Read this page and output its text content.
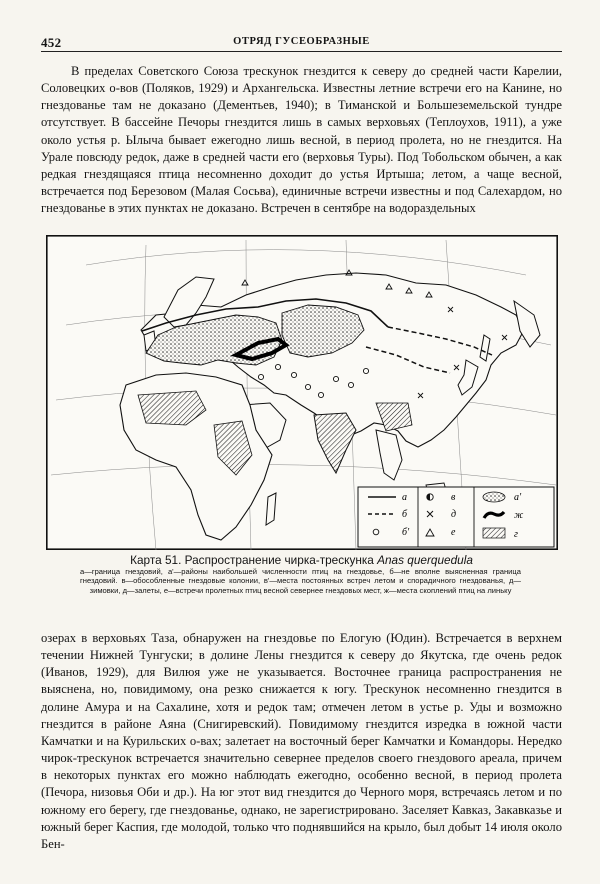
452	ОТРЯД ГУСЕОБРАЗНЫЕ

В пределах Советского Союза трескунок гнездится к северу до средней части Карелии, Соловецких о-вов (Поляков, 1929) и Архангельска. Известны летние встречи его на Канине, но гнездованье там не доказано (Дементьев, 1940); в Тиманской и Большеземельской тундре отсутствует. В бассейне Печоры гнездится лишь в самых верховьях (Теплоухов, 1911), а уже около устья р. Ылыча бывает ежегодно лишь весной, в период пролета, но не гнездится. На Урале повсюду редок, даже в средней части его (верховья Туры). Под Тобольском обычен, а как редкая гнездящаяся птица несомненно доходит до устья Иртыша; летом, а чаще весной, встречается под Березовом (Малая Сосьва), единичные встречи известны и под Салехардом, но гнездованье в этих пунктах не доказано. Встречен в сентябре на водораздельных

а
б
б'
в
д
е
а'
ж
г
Карта 51. Распространение чирка-трескунка Anas querquedula

а—граница гнездовий, а'—районы наибольшей численности птиц на гнездовье, б—не вполне выясненная граница гнездовий. в—обособленные гнездовые колонии, в'—места постоянных встреч летом и спорадичного гнездованья, д—зимовки, д—залеты, е—встречи пролетных птиц весной севернее гнездовых мест, ж—места скоплений птиц на линьку

озерах в верховьях Таза, обнаружен на гнездовье по Елогую (Юдин). Встречается в верхнем течении Нижней Тунгуски; в долине Лены гнездится к северу до Якутска, где очень редок (Иванов, 1929), для Вилюя уже не указывается. Восточнее граница распространения не выяснена, но, повидимому, она резко снижается к югу. Трескунок несомненно гнездится в долине Амура и на Сахалине, хотя и редок там; отмечен летом в устье р. Уды и возможно гнездится в районе Аяна (Снигиревский). Повидимому гнездится изредка в южной части Камчатки и на Курильских о-вах; залетает на восточный берег Камчатки и Командоры. Нередко чирок-трескунок встречается значительно севернее пределов своего гнездового ареала, причем в некоторых пунктах его можно наблюдать ежегодно, особенно весной, в период пролета (Печора, низовья Оби и др.). На юг этот вид гнездится до Черного моря, встречаясь летом и по южному его берегу, где гнездованье, однако, не зарегистрировано. Заселяет Кавказ, Закавказье и южный берег Каспия, где молодой, только что поднявшийся на крыло, был добыт 14 июля около Бен-
